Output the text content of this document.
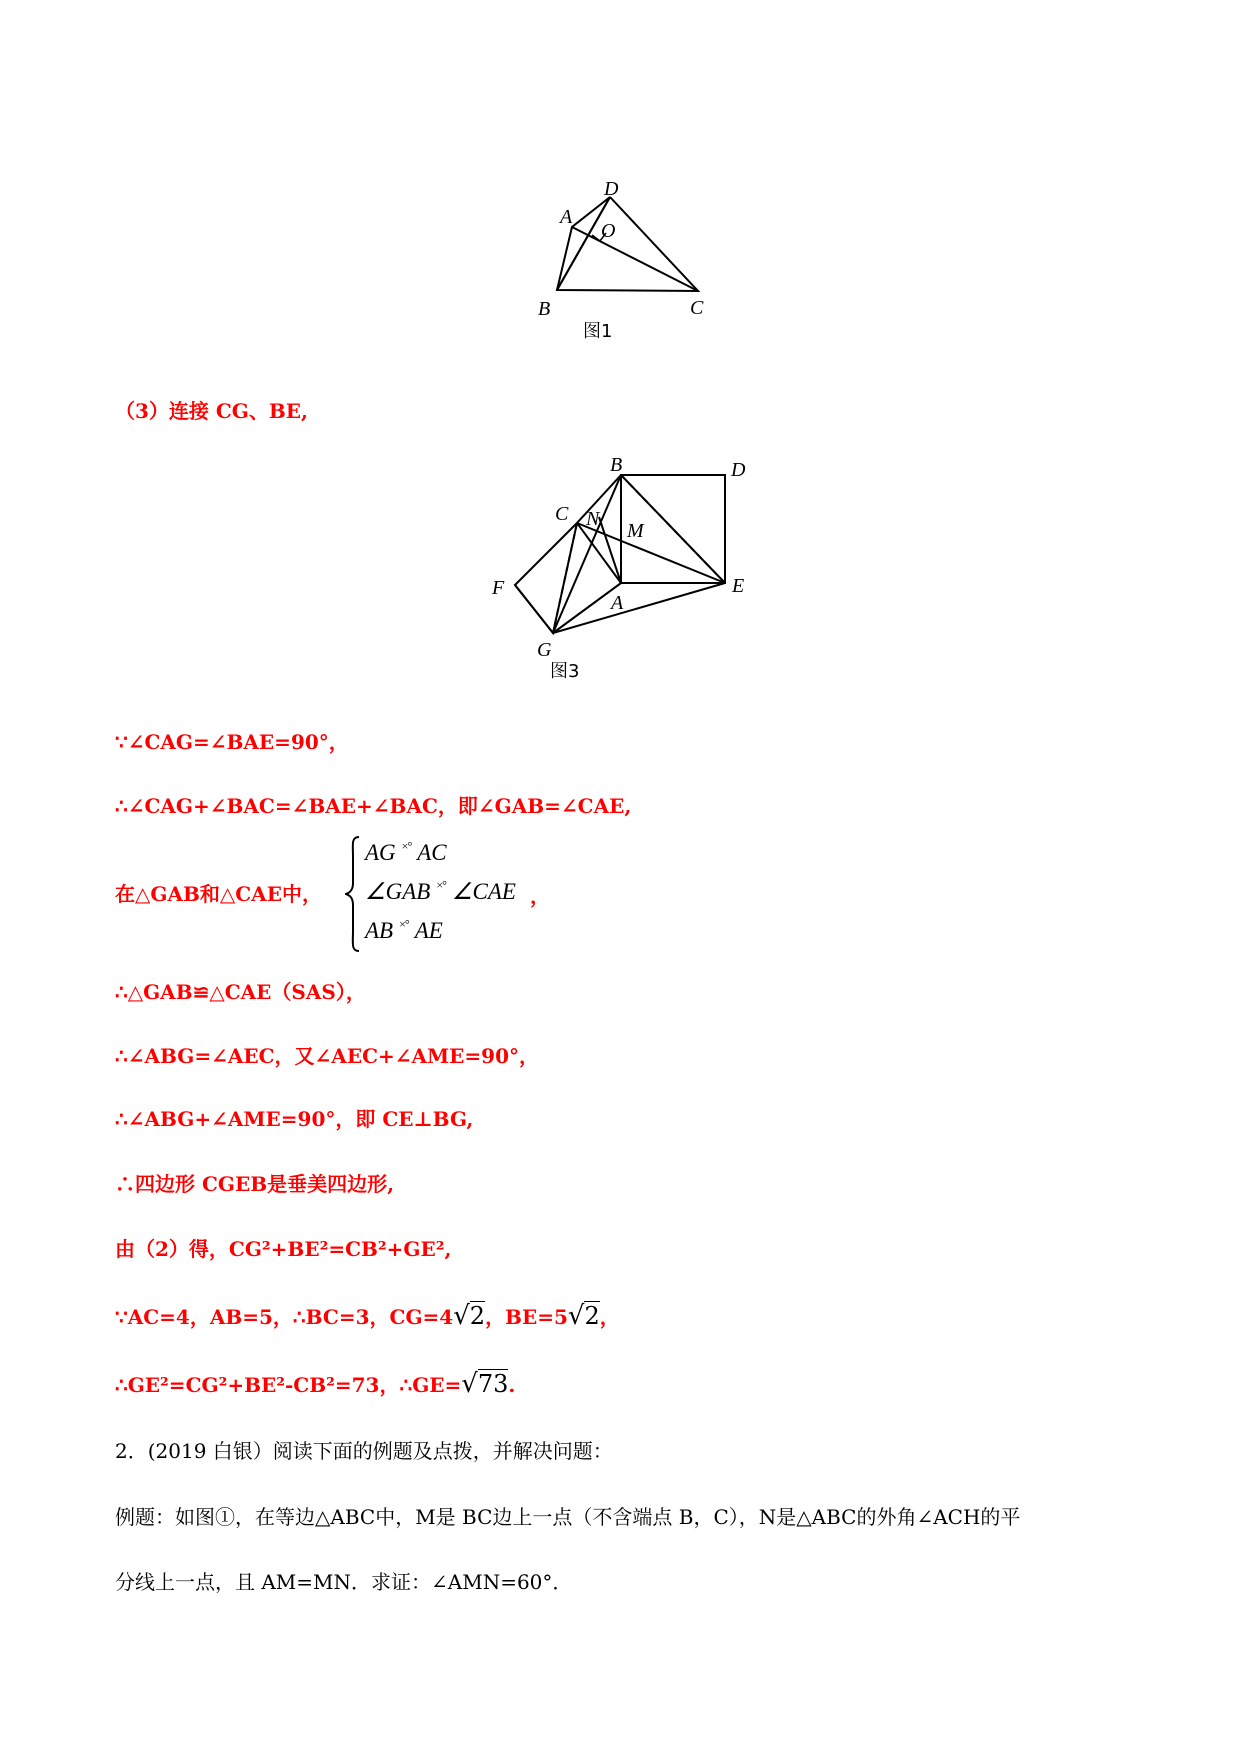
A
D
O
B	C
图1
（3）连接 CG、BE,
B	D
C N
M
F
A
E
G
图3
∵∠CAG=∠BAE=90°，
∴∠CAG+∠BAC=∠BAE+∠BAC，即∠GAB=∠CAE,
在△GAB和△CAE中，
AG ×° AC
∠GAB ×° ∠CAE
AB ×° AE
，
∴△GAB≌△CAE（SAS），
∴∠ABG=∠AEC，又∠AEC+∠AME=90°，
∴∠ABG+∠AME=90°，即 CE⊥BG,
∴四边形 CGEB是垂美四边形,
由（2）得，CG²+BE²=CB²+GE²,
∵AC=4，AB=5，∴BC=3，CG=4√2，BE=5√2，
∴GE²=CG²+BE²-CB²=73，∴GE=√73.
2．(2019 白银）阅读下面的例题及点拨，并解决问题：
例题：如图①，在等边△ABC中，M是 BC边上一点（不含端点 B，C），N是△ABC的外角∠ACH的平
分线上一点，且 AM=MN．求证：∠AMN=60°．
